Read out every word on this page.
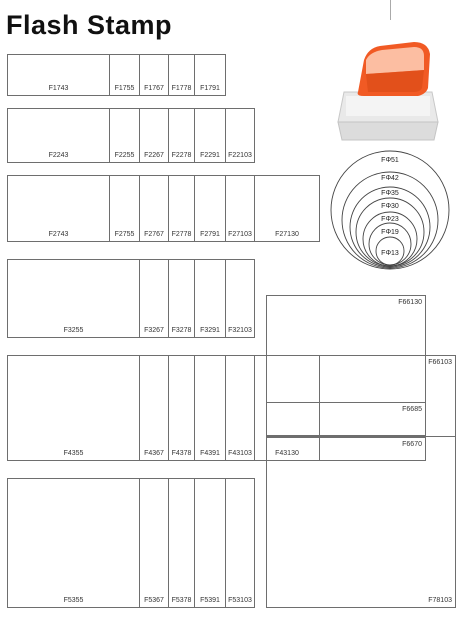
Flash Stamp
F1743	F1755 F1767 F1778 F1791
F2243	F2255 F2267 F2278 F2291 F22103
F2743	F2755 F2767 F2778 F2791 F27103	F27130
F3255	F3267 F3278 F3291 F32103
F4355	F4367 F4378 F4391 F43103	F43130
F5355	F5367 F5378 F5391 F53103
F66130
F66103
F6685
F6670
F78103
FΦ51
FΦ42
FΦ35
FΦ30
FΦ23
FΦ19
FΦ13
